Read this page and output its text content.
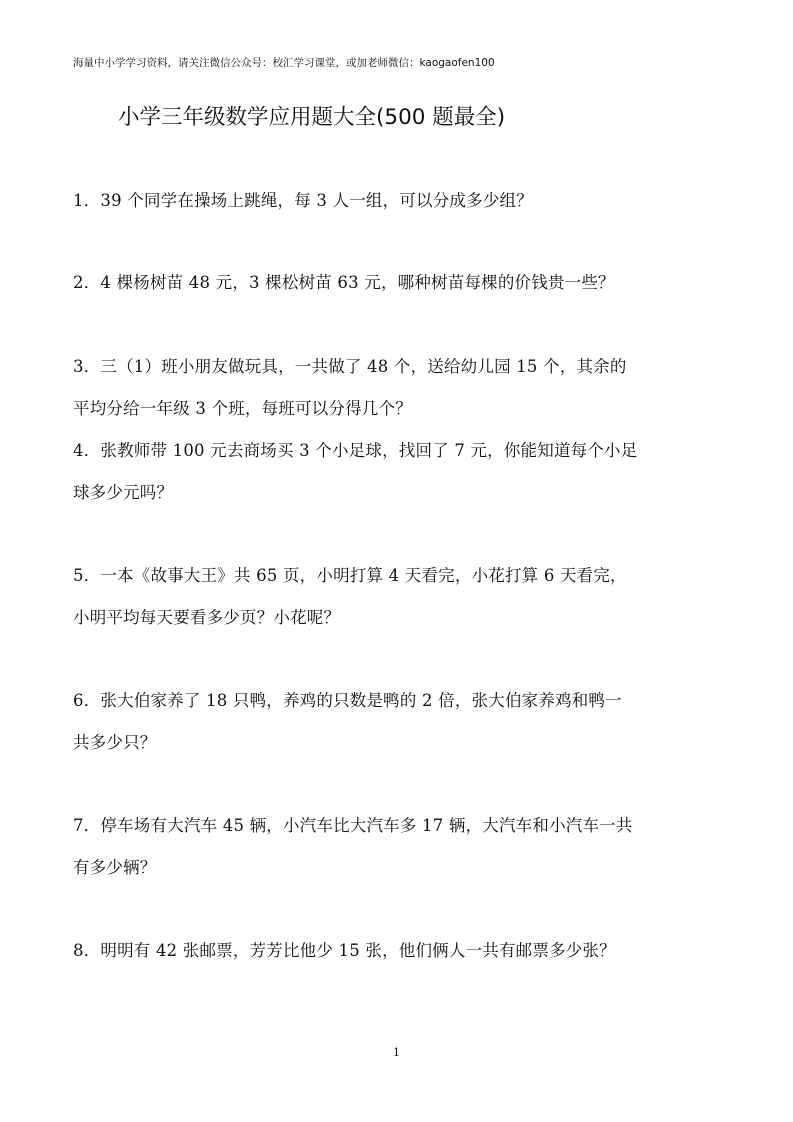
海量中小学学习资料，请关注微信公众号：校汇学习课堂，或加老师微信：kaogaofen100
小学三年级数学应用题大全(500 题最全)
1．39 个同学在操场上跳绳，每 3 人一组，可以分成多少组？
2．4 棵杨树苗 48 元，3 棵松树苗 63 元，哪种树苗每棵的价钱贵一些？
3．三（1）班小朋友做玩具，一共做了 48 个，送给幼儿园 15 个，其余的
平均分给一年级 3 个班，每班可以分得几个？
4．张教师带 100 元去商场买 3 个小足球，找回了 7 元，你能知道每个小足
球多少元吗？
5．一本《故事大王》共 65 页，小明打算 4 天看完，小花打算 6 天看完，
小明平均每天要看多少页？小花呢？
6．张大伯家养了 18 只鸭，养鸡的只数是鸭的 2 倍，张大伯家养鸡和鸭一
共多少只？
7．停车场有大汽车 45 辆，小汽车比大汽车多 17 辆，大汽车和小汽车一共
有多少辆？
8．明明有 42 张邮票，芳芳比他少 15 张，他们俩人一共有邮票多少张？
1
